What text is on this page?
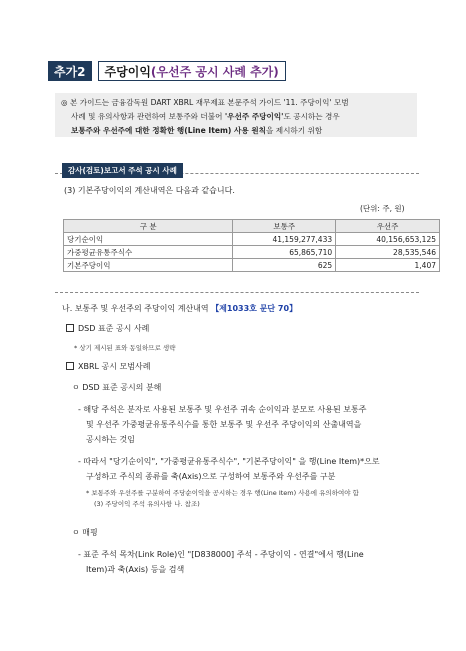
추가2	주당이익 (우선주 공시 사례 추가)
◎ 본 가이드는 금융감독원 DART XBRL 재무제표 본문주석 가이드 '11. 주당이익' 모범
사례 및 유의사항과 관련하여 보통주와 더불어 '우선주 주당이익'도 공시하는 경우
보통주와 우선주에 대한 정확한 행(Line Item) 사용 원칙을 제시하기 위함
감사(검토)보고서 주석 공시 사례
(3) 기본주당이익의 계산내역은 다음과 같습니다.
(단위: 주, 원)
구 분	보통주	우선주
당기순이익	41,159,277,433	40,156,653,125
가중평균유통주식수	65,865,710	28,535,546
기본주당이익	625	1,407
나. 보통주 및 우선주의 주당이익 계산내역 【제1033호 문단 70】
DSD 표준 공시 사례
* 상기 제시된 표와 동일하므로 생략
XBRL 공시 모범사례
ㅇ DSD 표준 공시의 분해
- 해당 주석은 분자로 사용된 보통주 및 우선주 귀속 순이익과 분모로 사용된 보통주
및 우선주 가중평균유통주식수를 통한 보통주 및 우선주 주당이익의 산출내역을
공시하는 것임
- 따라서 "당기순이익", "가중평균유통주식수", "기본주당이익" 을 행(Line Item)*으로
구성하고 주식의 종류를 축(Axis)으로 구성하여 보통주와 우선주를 구분
* 보통주와 우선주를 구분하여 주당순이익을 공시하는 경우 행(Line Item) 사용에 유의하여야 함
(3) 주당이익 주석 유의사항 나. 참조)
ㅇ 매핑
- 표준 주석 목차(Link Role)인 "[D838000] 주석 - 주당이익 - 연결"에서 행(Line
Item)과 축(Axis) 등을 검색
